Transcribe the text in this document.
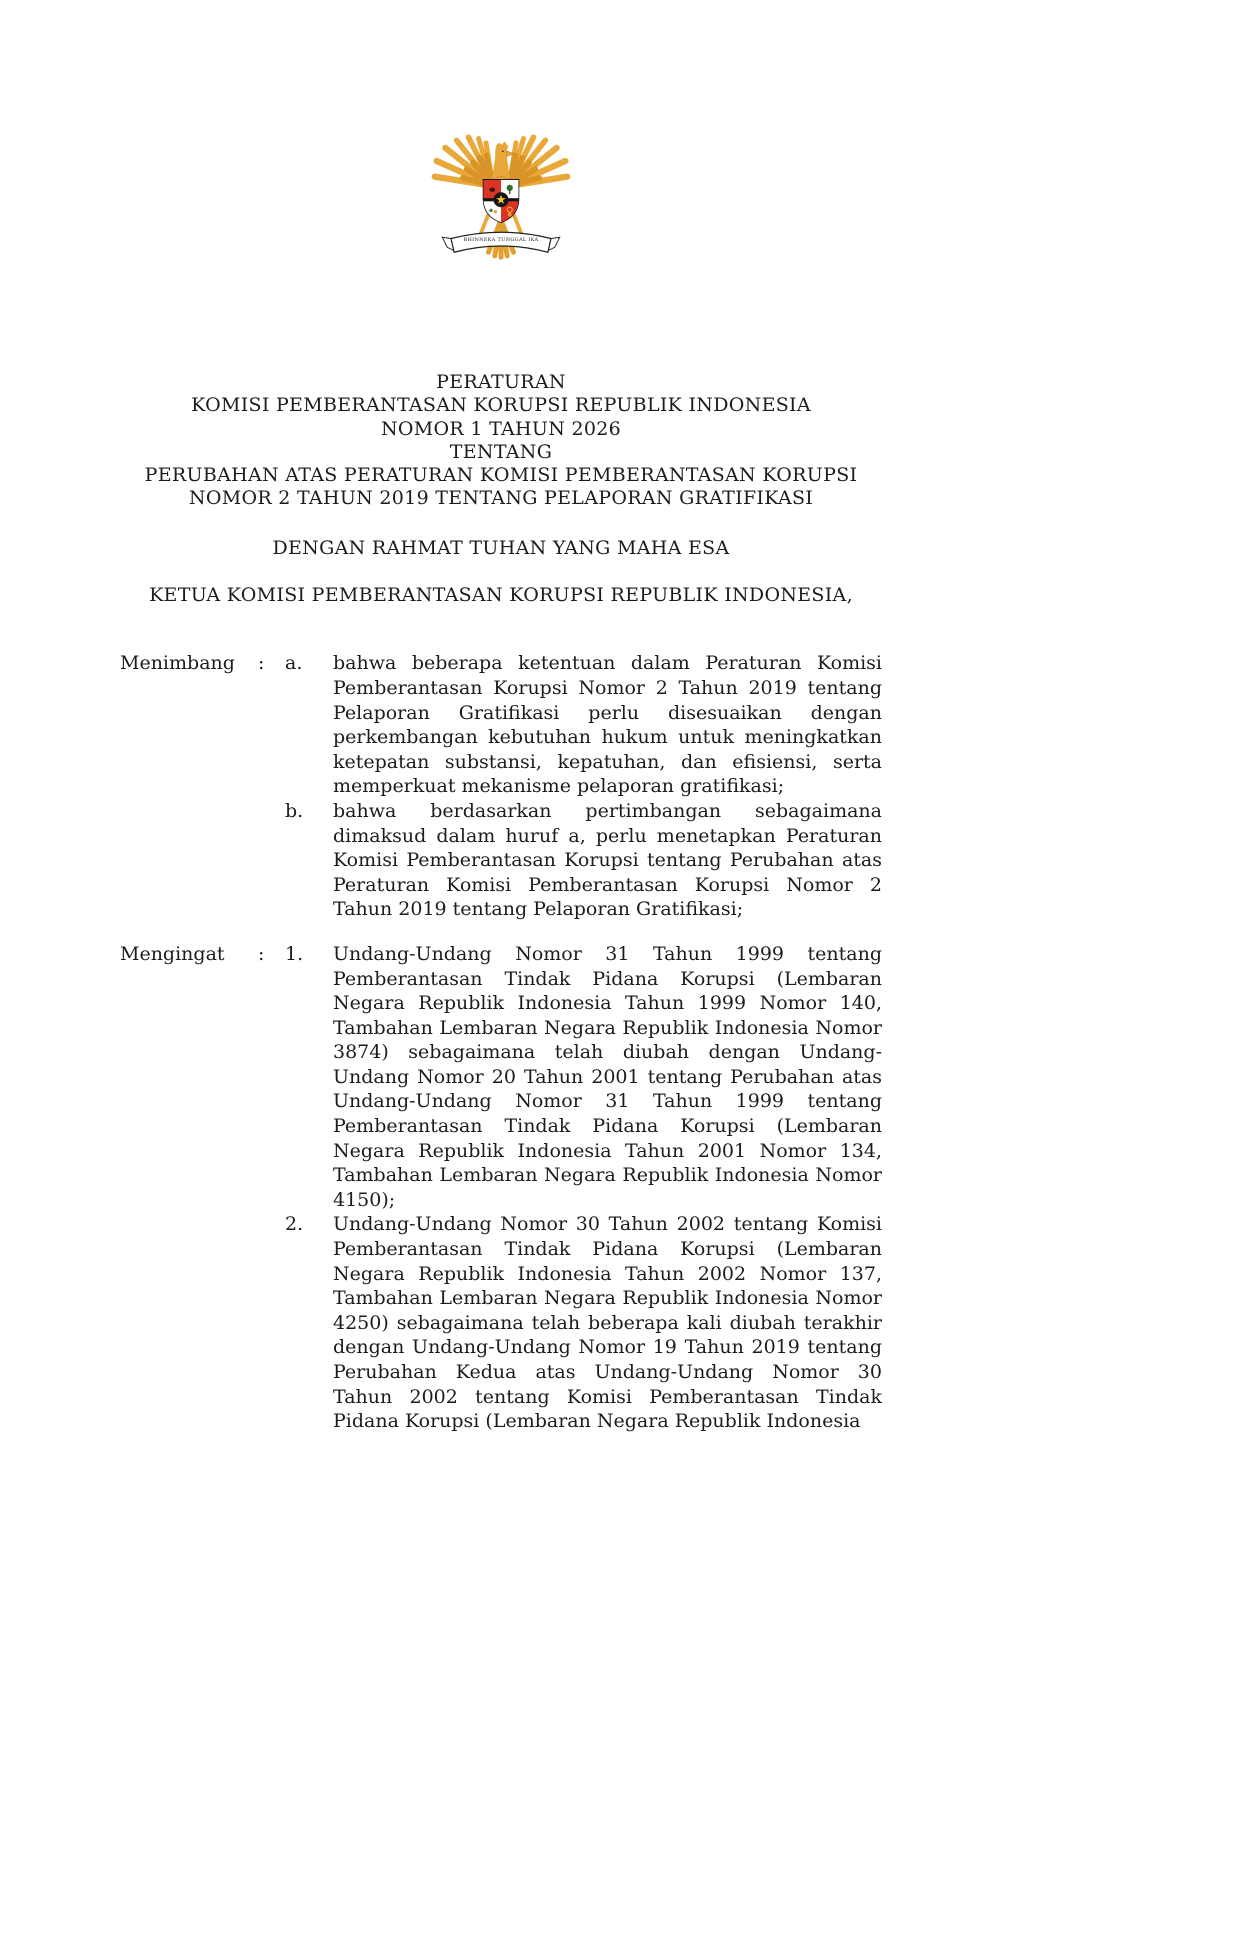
BHINNEKA TUNGGAL IKA
PERATURAN
KOMISI PEMBERANTASAN KORUPSI REPUBLIK INDONESIA
NOMOR 1 TAHUN 2026
TENTANG
PERUBAHAN ATAS PERATURAN KOMISI PEMBERANTASAN KORUPSI
NOMOR 2 TAHUN 2019 TENTANG PELAPORAN GRATIFIKASI
DENGAN RAHMAT TUHAN YANG MAHA ESA
KETUA KOMISI PEMBERANTASAN KORUPSI REPUBLIK INDONESIA,
Menimbang	:	a.	bahwa beberapa ketentuan dalam Peraturan Komisi Pemberantasan Korupsi Nomor 2 Tahun 2019 tentang Pelaporan Gratifikasi perlu disesuaikan dengan perkembangan kebutuhan hukum untuk meningkatkan ketepatan substansi, kepatuhan, dan efisiensi, serta memperkuat mekanisme pelaporan gratifikasi;
b.	bahwa berdasarkan pertimbangan sebagaimana dimaksud dalam huruf a, perlu menetapkan Peraturan Komisi Pemberantasan Korupsi tentang Perubahan atas Peraturan Komisi Pemberantasan Korupsi Nomor 2 Tahun 2019 tentang Pelaporan Gratifikasi;
Mengingat	:	1.	Undang-Undang Nomor 31 Tahun 1999 tentang Pemberantasan Tindak Pidana Korupsi (Lembaran Negara Republik Indonesia Tahun 1999 Nomor 140, Tambahan Lembaran Negara Republik Indonesia Nomor 3874) sebagaimana telah diubah dengan Undang-Undang Nomor 20 Tahun 2001 tentang Perubahan atas Undang-Undang Nomor 31 Tahun 1999 tentang Pemberantasan Tindak Pidana Korupsi (Lembaran Negara Republik Indonesia Tahun 2001 Nomor 134, Tambahan Lembaran Negara Republik Indonesia Nomor 4150);
2.	Undang-Undang Nomor 30 Tahun 2002 tentang Komisi Pemberantasan Tindak Pidana Korupsi (Lembaran Negara Republik Indonesia Tahun 2002 Nomor 137, Tambahan Lembaran Negara Republik Indonesia Nomor 4250) sebagaimana telah beberapa kali diubah terakhir dengan Undang-Undang Nomor 19 Tahun 2019 tentang Perubahan Kedua atas Undang-Undang Nomor 30 Tahun 2002 tentang Komisi Pemberantasan Tindak Pidana Korupsi (Lembaran Negara Republik Indonesia
